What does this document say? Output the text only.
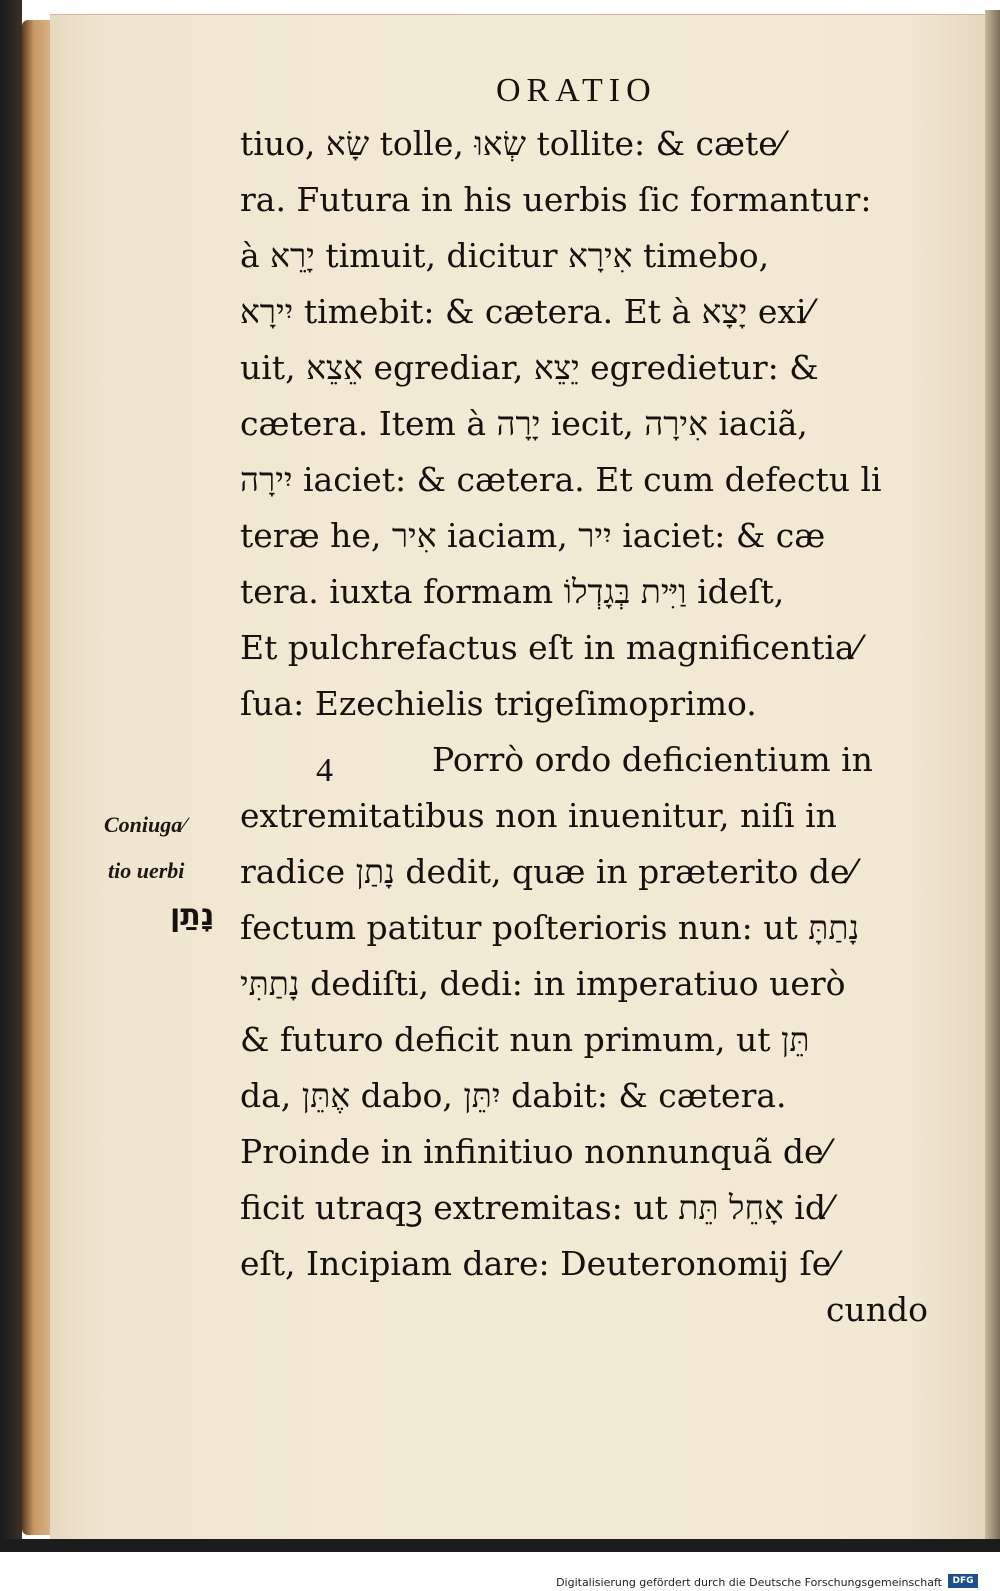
ORATIO
tiuo, שָׂא tolle, שְׂאוּ tollite: & cæte⁄
ra. Futura in his uerbis ſic formantur:
à יָרֵא timuit, dicitur אִירָא timebo,
יִירָא timebit: & cætera. Et à יָצָא exi⁄
uit, אֵצֵא egrediar, יֵצֵא egredietur: &
cætera. Item à יָרָה iecit, אִירָה iaciã,
יִירָה iaciet: & cætera. Et cum defectu li
teræ he, אִיר iaciam, יִיר iaciet: & cæ
tera. iuxta formam וַיִּית בְּגָדְלוֹ ideſt,
Et pulchrefactus eſt in magnificentia⁄
ſua: Ezechielis trigeſimoprimo.
4	Porrò ordo deficientium in
extremitatibus non inuenitur, niſi in
radice נָתַן dedit, quæ in præterito de⁄
fectum patitur poſterioris nun: ut נָתַתָּ
נָתַתִּי dediſti, dedi: in imperatiuo uerò
& futuro deficit nun primum, ut תֵּן
da, אֶתֵּן dabo, יִתֵּן dabit: & cætera.
Proinde in infinitiuo nonnunquã de⁄
ficit utraqꝫ extremitas: ut אָחֵל תֵּת id⁄
eſt, Incipiam dare: Deuteronomij ſe⁄
cundo
Coniuga⁄
tio uerbi
נָתַן
Digitalisierung gefördert durch die Deutsche Forschungsgemeinschaft	DFG
